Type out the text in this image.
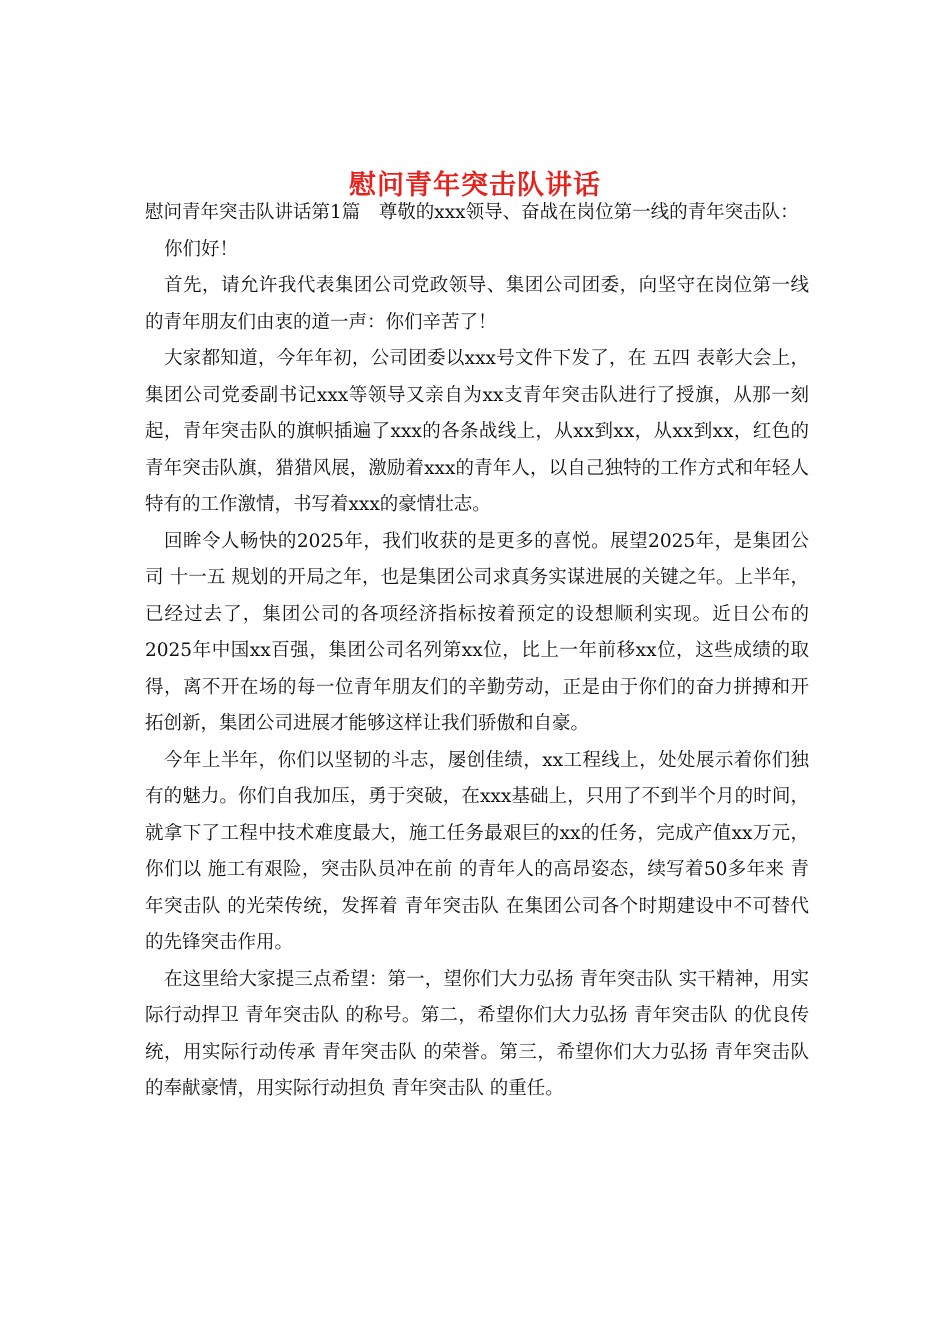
慰问青年突击队讲话

慰问青年突击队讲话第1篇　尊敬的xxx领导、奋战在岗位第一线的青年突击队：

你们好！

首先，请允许我代表集团公司党政领导、集团公司团委，向坚守在岗位第一线的青年朋友们由衷的道一声：你们辛苦了！

大家都知道，今年年初，公司团委以xxx号文件下发了，在 五四 表彰大会上，集团公司党委副书记xxx等领导又亲自为xx支青年突击队进行了授旗，从那一刻起，青年突击队的旗帜插遍了xxx的各条战线上，从xx到xx，从xx到xx，红色的青年突击队旗，猎猎风展，激励着xxx的青年人，以自己独特的工作方式和年轻人特有的工作激情，书写着xxx的豪情壮志。

回眸令人畅快的2025年，我们收获的是更多的喜悦。展望2025年，是集团公司 十一五 规划的开局之年，也是集团公司求真务实谋进展的关键之年。上半年，已经过去了，集团公司的各项经济指标按着预定的设想顺利实现。近日公布的2025年中国xx百强，集团公司名列第xx位，比上一年前移xx位，这些成绩的取得，离不开在场的每一位青年朋友们的辛勤劳动，正是由于你们的奋力拼搏和开拓创新，集团公司进展才能够这样让我们骄傲和自豪。

今年上半年，你们以坚韧的斗志，屡创佳绩，xx工程线上，处处展示着你们独有的魅力。你们自我加压，勇于突破，在xxx基础上，只用了不到半个月的时间，就拿下了工程中技术难度最大，施工任务最艰巨的xx的任务，完成产值xx万元，你们以 施工有艰险，突击队员冲在前 的青年人的高昂姿态，续写着50多年来 青年突击队 的光荣传统，发挥着 青年突击队 在集团公司各个时期建设中不可替代的先锋突击作用。

在这里给大家提三点希望：第一，望你们大力弘扬 青年突击队 实干精神，用实际行动捍卫 青年突击队 的称号。第二，希望你们大力弘扬 青年突击队 的优良传统，用实际行动传承 青年突击队 的荣誉。第三，希望你们大力弘扬 青年突击队 的奉献豪情，用实际行动担负 青年突击队 的重任。
